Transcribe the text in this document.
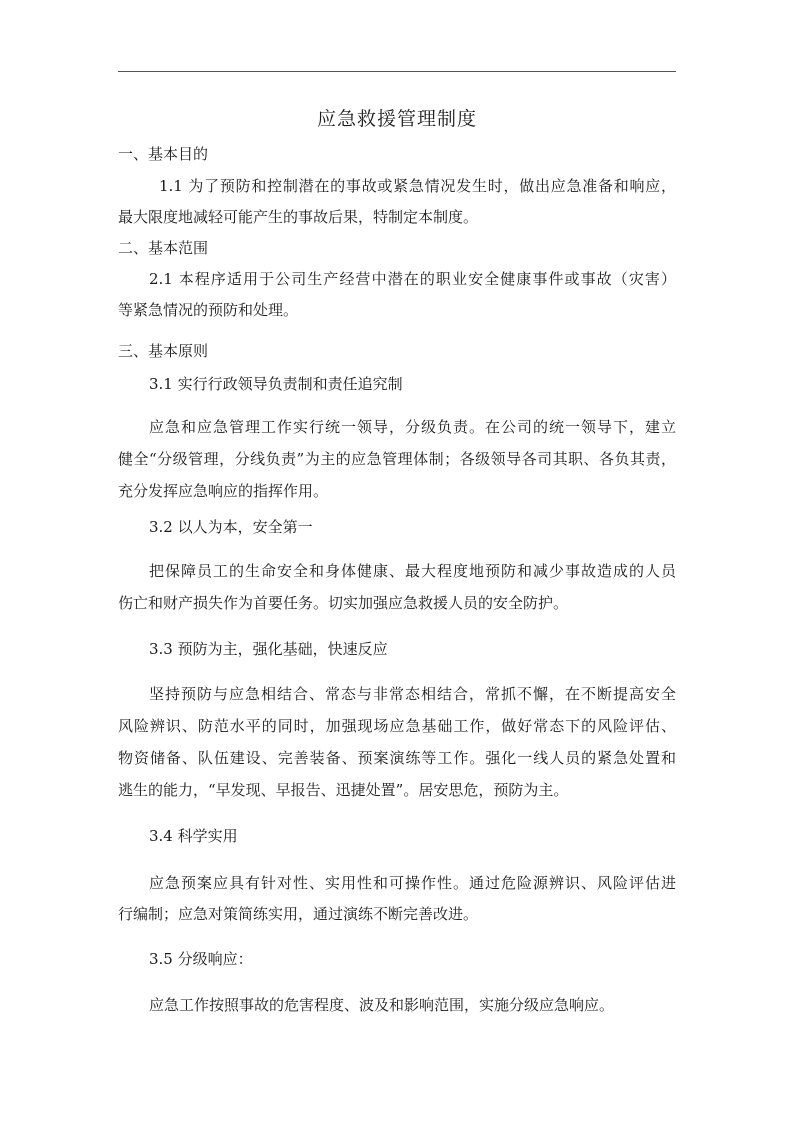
应急救援管理制度
一、基本目的
1.1 为了预防和控制潜在的事故或紧急情况发生时，做出应急准备和响应，
最大限度地减轻可能产生的事故后果，特制定本制度。
二、基本范围
2.1 本程序适用于公司生产经营中潜在的职业安全健康事件或事故（灾害）
等紧急情况的预防和处理。
三、基本原则
3.1 实行行政领导负责制和责任追究制
应急和应急管理工作实行统一领导，分级负责。在公司的统一领导下，建立
健全“分级管理，分线负责”为主的应急管理体制；各级领导各司其职、各负其责，
充分发挥应急响应的指挥作用。
3.2 以人为本，安全第一
把保障员工的生命安全和身体健康、最大程度地预防和减少事故造成的人员
伤亡和财产损失作为首要任务。切实加强应急救援人员的安全防护。
3.3 预防为主，强化基础，快速反应
坚持预防与应急相结合、常态与非常态相结合，常抓不懈，在不断提高安全
风险辨识、防范水平的同时，加强现场应急基础工作，做好常态下的风险评估、
物资储备、队伍建设、完善装备、预案演练等工作。强化一线人员的紧急处置和
逃生的能力，“早发现、早报告、迅捷处置”。居安思危，预防为主。
3.4 科学实用
应急预案应具有针对性、实用性和可操作性。通过危险源辨识、风险评估进
行编制；应急对策简练实用，通过演练不断完善改进。
3.5 分级响应：
应急工作按照事故的危害程度、波及和影响范围，实施分级应急响应。
